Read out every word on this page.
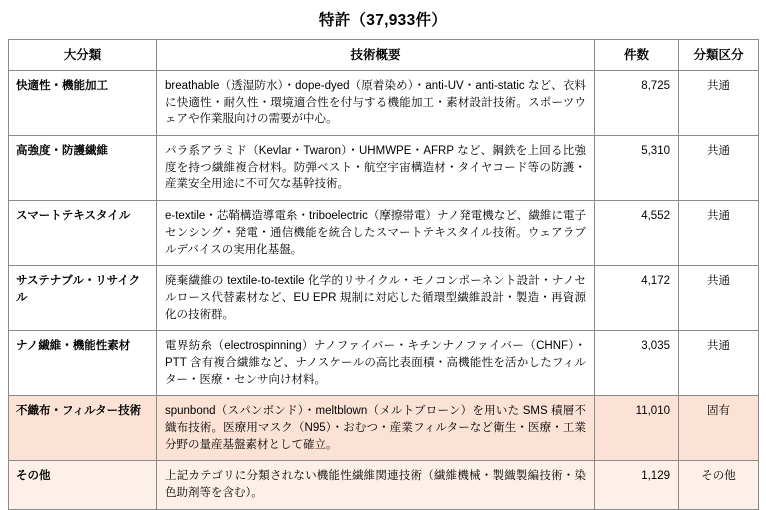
特許（37,933件）
大分類	技術概要	件数	分類区分
快適性・機能加工	breathable（透湿防水）・dope-dyed（原着染め）・anti-UV・anti-static など、衣料に快適性・耐久性・環境適合性を付与する機能加工・素材設計技術。スポーツウェアや作業服向けの需要が中心。	8,725	共通
高強度・防護繊維	パラ系アラミド（Kevlar・Twaron）・UHMWPE・AFRP など、鋼鉄を上回る比強度を持つ繊維複合材料。防弾ベスト・航空宇宙構造材・タイヤコード等の防護・産業安全用途に不可欠な基幹技術。	5,310	共通
スマートテキスタイル	e-textile・芯鞘構造導電糸・triboelectric（摩擦帯電）ナノ発電機など、繊維に電子センシング・発電・通信機能を統合したスマートテキスタイル技術。ウェアラブルデバイスの実用化基盤。	4,552	共通
サステナブル・リサイクル	廃棄繊維の textile-to-textile 化学的リサイクル・モノコンポーネント設計・ナノセルロース代替素材など、EU EPR 規制に対応した循環型繊維設計・製造・再資源化の技術群。	4,172	共通
ナノ繊維・機能性素材	電界紡糸（electrospinning）ナノファイバー・キチンナノファイバー（CHNF）・PTT 含有複合繊維など、ナノスケールの高比表面積・高機能性を活かしたフィルター・医療・センサ向け材料。	3,035	共通
不織布・フィルター技術	spunbond（スパンボンド）・meltblown（メルトブローン）を用いた SMS 積層不織布技術。医療用マスク（N95）・おむつ・産業フィルターなど衛生・医療・工業分野の量産基盤素材として確立。	11,010	固有
その他	上記カテゴリに分類されない機能性繊維関連技術（繊維機械・製織製編技術・染色助剤等を含む）。	1,129	その他
